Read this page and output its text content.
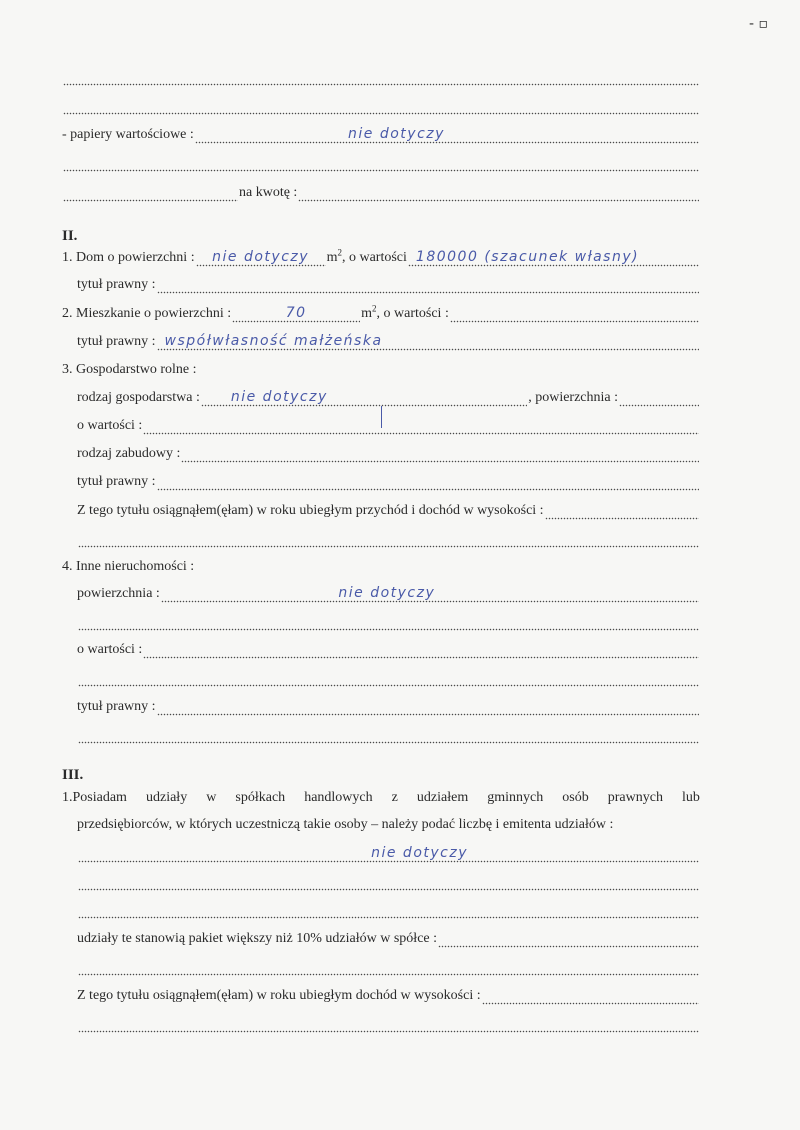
- ▫
- papiery wartościowe :	nie dotyczy
na kwotę :
II.
1. Dom o powierzchni : nie dotyczy $m^2$, o wartości 180000 (szacunek własny)
tytuł prawny :
2. Mieszkanie o powierzchni :	70	$m^2$, o wartości :
tytuł prawny : współwłasność małżeńska
3. Gospodarstwo rolne :
rodzaj gospodarstwa : nie dotyczy	, powierzchnia :
o wartości :
rodzaj zabudowy :
tytuł prawny :
Z tego tytułu osiągnąłem(ęłam) w roku ubiegłym przychód i dochód w wysokości :
4. Inne nieruchomości :
powierzchnia :	nie dotyczy
o wartości :
tytuł prawny :
III.
1.Posiadam udziały w spółkach handlowych z udziałem gminnych osób prawnych lub
przedsiębiorców, w których uczestniczą takie osoby – należy podać liczbę i emitenta udziałów :
nie dotyczy
udziały te stanowią pakiet większy niż 10% udziałów w spółce :
Z tego tytułu osiągnąłem(ęłam) w roku ubiegłym dochód w wysokości :
